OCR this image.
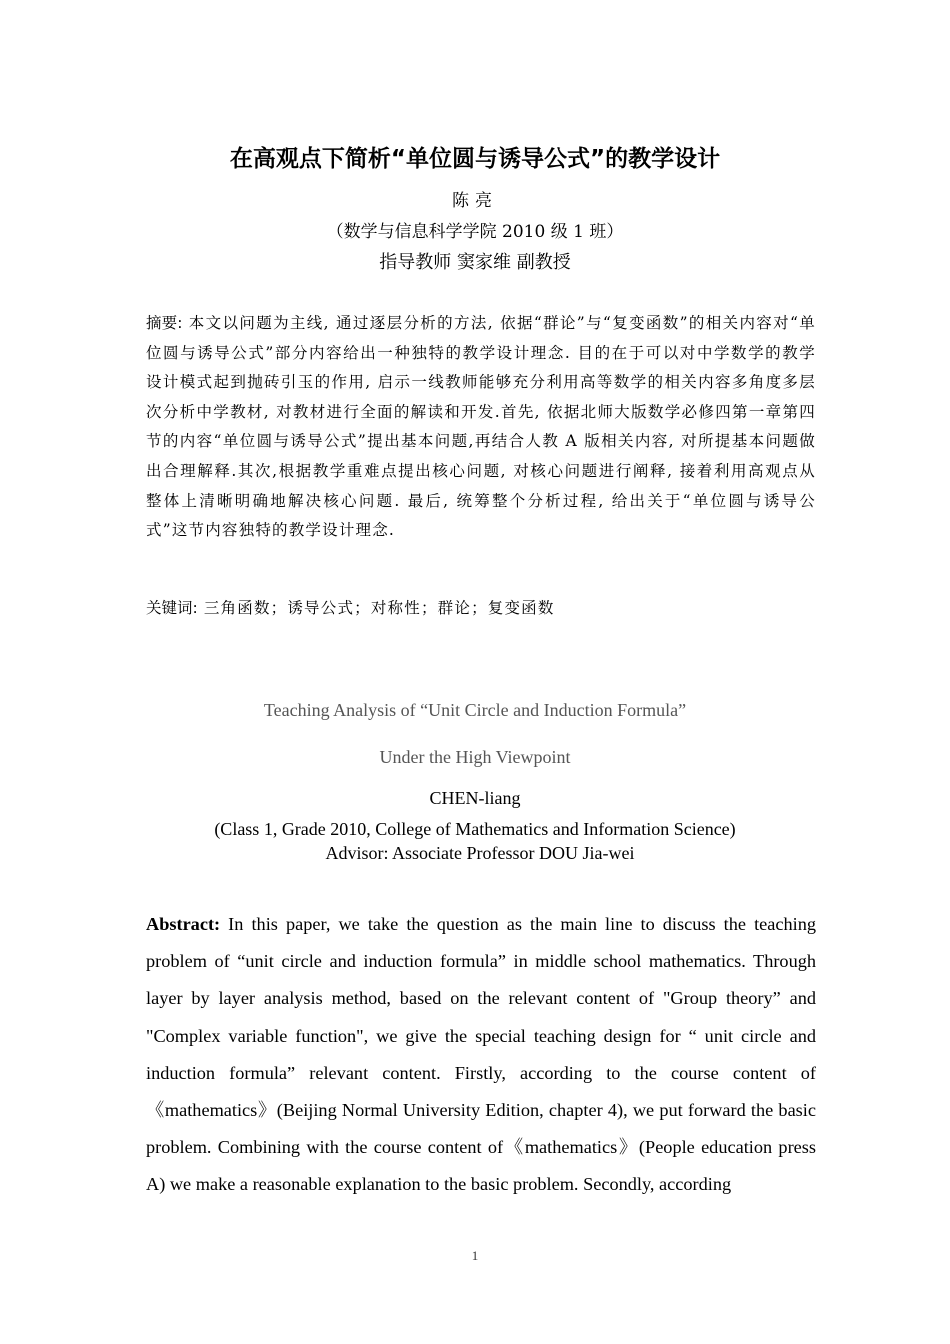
在高观点下简析“单位圆与诱导公式”的教学设计
陈亮
（数学与信息科学学院 2010 级 1 班）
指导教师 窦家维 副教授
摘要: 本文以问题为主线, 通过逐层分析的方法, 依据“群论”与“复变函数”的相关内容对“单位圆与诱导公式”部分内容给出一种独特的教学设计理念. 目的在于可以对中学数学的教学设计模式起到抛砖引玉的作用, 启示一线教师能够充分利用高等数学的相关内容多角度多层次分析中学教材, 对教材进行全面的解读和开发.首先, 依据北师大版数学必修四第一章第四节的内容“单位圆与诱导公式”提出基本问题,再结合人教 A 版相关内容, 对所提基本问题做出合理解释.其次,根据教学重难点提出核心问题, 对核心问题进行阐释, 接着利用高观点从整体上清晰明确地解决核心问题. 最后, 统筹整个分析过程, 给出关于“单位圆与诱导公式”这节内容独特的教学设计理念.
关键词: 三角函数；诱导公式；对称性；群论；复变函数
Teaching Analysis of “Unit Circle and Induction Formula”
Under the High Viewpoint
CHEN-liang
(Class 1, Grade 2010, College of Mathematics and Information Science)
Advisor: Associate Professor DOU Jia-wei
Abstract: In this paper, we take the question as the main line to discuss the teaching problem of “unit circle and induction formula” in middle school mathematics. Through layer by layer analysis method, based on the relevant content of "Group theory” and "Complex variable function", we give the special teaching design for “ unit circle and induction formula” relevant content. Firstly, according to the course content of《mathematics》(Beijing Normal University Edition, chapter 4), we put forward the basic problem. Combining with the course content of《mathematics》(People education press A) we make a reasonable explanation to the basic problem. Secondly, according
1
